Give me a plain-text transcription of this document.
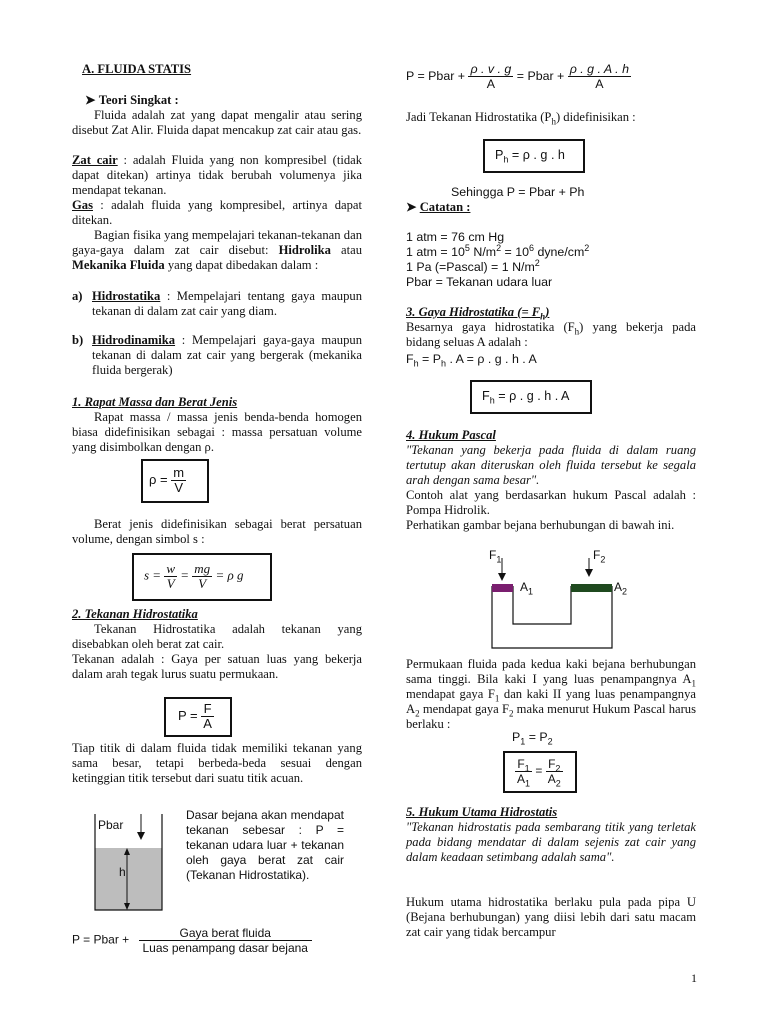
A. FLUIDA STATIS
➤ Teori Singkat :

Fluida adalah zat yang dapat mengalir atau sering disebut Zat Alir. Fluida dapat mencakup zat cair atau gas.

Zat cair : adalah Fluida yang non kompresibel (tidak dapat ditekan) artinya tidak berubah volumenya jika mendapat tekanan.

Gas : adalah fluida yang kompresibel, artinya dapat ditekan.

Bagian fisika yang mempelajari tekanan-tekanan dan gaya-gaya dalam zat cair disebut: Hidrolika atau Mekanika Fluida yang dapat dibedakan dalam :

a) Hidrostatika : Mempelajari tentang gaya maupun tekanan di dalam zat cair yang diam.

b) Hidrodinamika : Mempelajari gaya-gaya maupun tekanan di dalam zat cair yang bergerak (mekanika fluida bergerak)

1. Rapat Massa dan Berat Jenis

Rapat massa / massa jenis benda-benda homogen biasa didefinisikan sebagai : massa persatuan volume yang disimbolkan dengan ρ.

$\rho = \frac{m}{V}$

Berat jenis didefinisikan sebagai berat persatuan volume, dengan simbol s :

$s = \frac{w}{V} = \frac{mg}{V} = \rho$ g
2. Tekanan Hidrostatika

Tekanan Hidrostatika adalah tekanan yang disebabkan oleh berat zat cair.

Tekanan adalah : Gaya per satuan luas yang bekerja dalam arah tegak lurus suatu permukaan.

$P = \frac{F}{A}$

Tiap titik di dalam fluida tidak memiliki tekanan yang sama besar, tetapi berbeda-beda sesuai dengan ketinggian titik tersebut dari suatu titik acuan.

Pbar
h

Dasar bejana akan mendapat tekanan sebesar : P = tekanan udara luar + tekanan oleh gaya berat zat cair (Tekanan Hidrostatika).

P = Pbar + $\frac{\text{Gaya berat fluida}}{\text{Luas penampang dasar bejana}}$
P = Pbar + $\frac{\rho . v . g}{A}$ = Pbar + $\frac{\rho . g . A . h}{A}$
Jadi Tekanan Hidrostatika $(P_h)$ didefinisikan :
$P_h = \rho$ . g . h
Sehingga P = Pbar + Ph
➤ Catatan :
1 atm = 76 cm Hg
1 atm = $10^5$ $N/m^2 = 10^6$ dyne/$cm^2$
1 Pa (=Pascal) = 1 $N/m^2$
Pbar = Tekanan udara luar
3. Gaya Hidrostatika (= $F_h$)

Besarnya gaya hidrostatika $(F_h)$ yang bekerja pada bidang seluas A adalah :

$F_h = P_h$ . A = ρ . g . h . A
$F_h = \rho$ . g . h . A
4. Hukum Pascal

"Tekanan yang bekerja pada fluida di dalam ruang tertutup akan diteruskan oleh fluida tersebut ke segala arah dengan sama besar".

Contoh alat yang berdasarkan hukum Pascal adalah : Pompa Hidrolik.

Perhatikan gambar bejana berhubungan di bawah ini.

$F_1$	$F_2$
$A_1$	$A_2$

Permukaan fluida pada kedua kaki bejana berhubungan sama tinggi. Bila kaki I yang luas penampangnya $A_1$ mendapat gaya $F_1$ dan kaki II yang luas penampangnya $A_2$ mendapat gaya $F_2$ maka menurut Hukum Pascal harus berlaku :

$P_1 = P_2$
$\frac{F_1}{A_1} = \frac{F_2}{A_2}$
5. Hukum Utama Hidrostatis

"Tekanan hidrostatis pada sembarang titik yang terletak pada bidang mendatar di dalam sejenis zat cair yang dalam keadaan setimbang adalah sama".

Hukum utama hidrostatika berlaku pula pada pipa U (Bejana berhubungan) yang diisi lebih dari satu macam zat cair yang tidak bercampur

1
